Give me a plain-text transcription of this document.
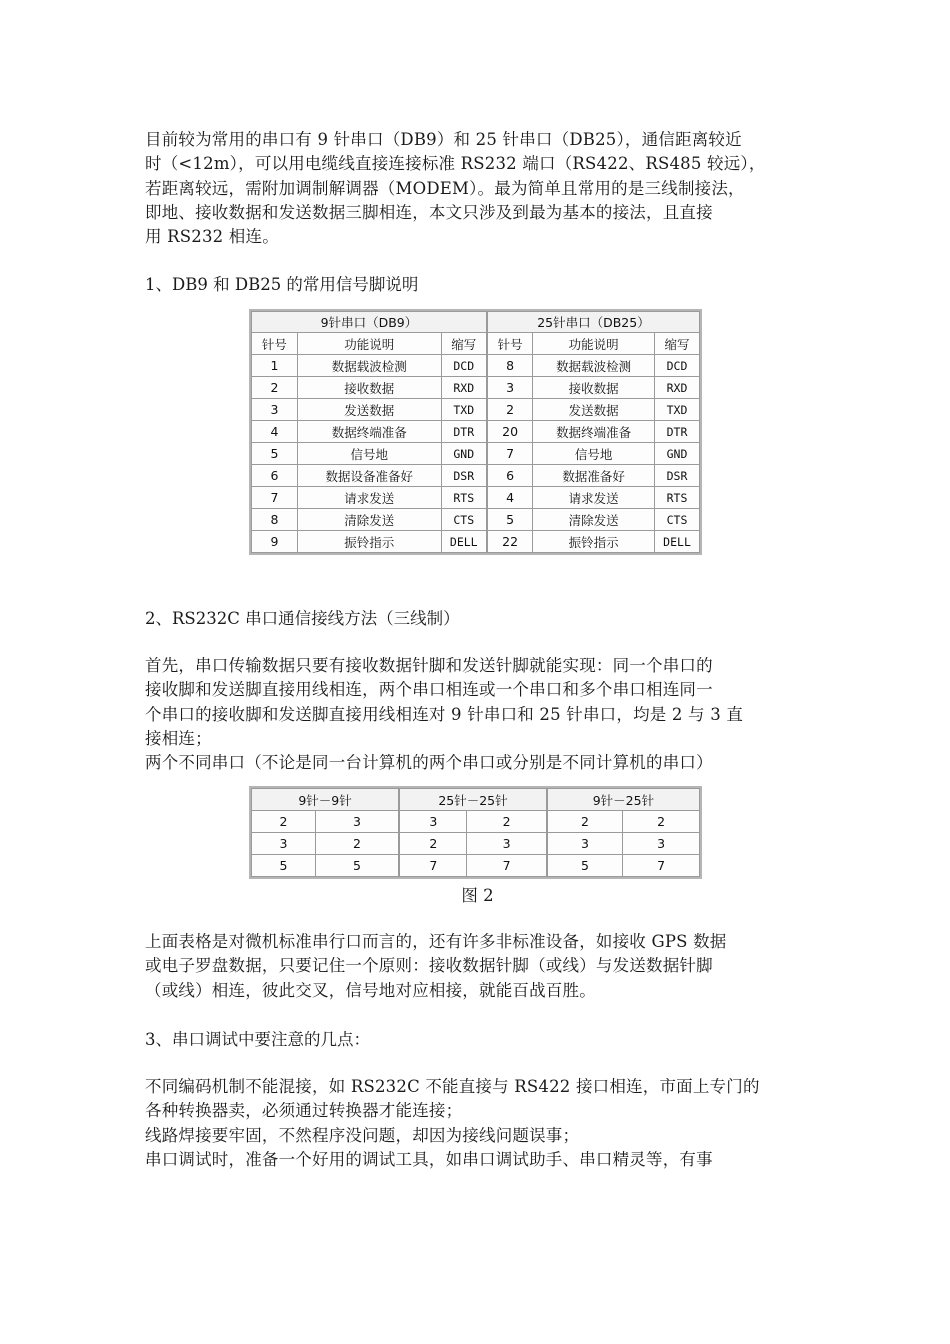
目前较为常用的串口有 9 针串口（DB9）和 25 针串口（DB25），通信距离较近
时（<12m），可以用电缆线直接连接标准 RS232 端口（RS422、RS485 较远），
若距离较远，需附加调制解调器（MODEM）。最为简单且常用的是三线制接法，
即地、接收数据和发送数据三脚相连，本文只涉及到最为基本的接法，且直接
用 RS232 相连。
1、DB9 和 DB25 的常用信号脚说明
9针串口（DB9）			25针串口（DB25）		
针号	功能说明	缩写	针号	功能说明	缩写
1	数据载波检测	DCD	8	数据载波检测	DCD
2	接收数据	RXD	3	接收数据	RXD
3	发送数据	TXD	2	发送数据	TXD
4	数据终端准备	DTR	20	数据终端准备	DTR
5	信号地	GND	7	信号地	GND
6	数据设备准备好	DSR	6	数据准备好	DSR
7	请求发送	RTS	4	请求发送	RTS
8	清除发送	CTS	5	清除发送	CTS
9	振铃指示	DELL	22	振铃指示	DELL
2、RS232C 串口通信接线方法（三线制）
首先，串口传输数据只要有接收数据针脚和发送针脚就能实现：同一个串口的
接收脚和发送脚直接用线相连，两个串口相连或一个串口和多个串口相连同一
个串口的接收脚和发送脚直接用线相连对 9 针串口和 25 针串口，均是 2 与 3 直
接相连；
两个不同串口（不论是同一台计算机的两个串口或分别是不同计算机的串口）
9针－9针		25针－25针		9针－25针	
2	3	3	2	2	2
3	2	2	3	3	3
5	5	7	7	5	7
图 2
上面表格是对微机标准串行口而言的，还有许多非标准设备，如接收 GPS 数据
或电子罗盘数据，只要记住一个原则：接收数据针脚（或线）与发送数据针脚
（或线）相连，彼此交叉，信号地对应相接，就能百战百胜。
3、串口调试中要注意的几点：
不同编码机制不能混接，如 RS232C 不能直接与 RS422 接口相连，市面上专门的
各种转换器卖，必须通过转换器才能连接；
线路焊接要牢固，不然程序没问题，却因为接线问题误事；
串口调试时，准备一个好用的调试工具，如串口调试助手、串口精灵等，有事
